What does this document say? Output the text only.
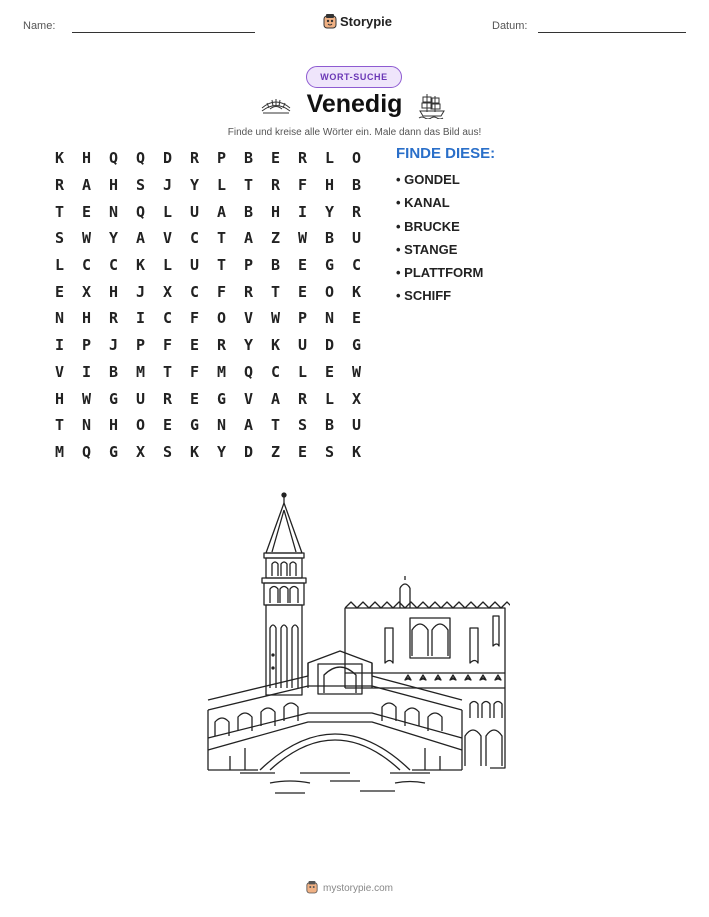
Name:	Storypie	Datum:
WORT-SUCHE
Venedig
Finde und kreise alle Wörter ein. Male dann das Bild aus!
K	H	Q	Q	D	R	P	B	E	R	L	O
R	A	H	S	J	Y	L	T	R	F	H	B
T	E	N	Q	L	U	A	B	H	I	Y	R
S	W	Y	A	V	C	T	A	Z	W	B	U
L	C	C	K	L	U	T	P	B	E	G	C
E	X	H	J	X	C	F	R	T	E	O	K
N	H	R	I	C	F	O	V	W	P	N	E
I	P	J	P	F	E	R	Y	K	U	D	G
V	I	B	M	T	F	M	Q	C	L	E	W
H	W	G	U	R	E	G	V	A	R	L	X
T	N	H	O	E	G	N	A	T	S	B	U
M	Q	G	X	S	K	Y	D	Z	E	S	K
FINDE DIESE:
• GONDEL
• KANAL
• BRUCKE
• STANGE
• PLATTFORM
• SCHIFF
mystorypie.com
